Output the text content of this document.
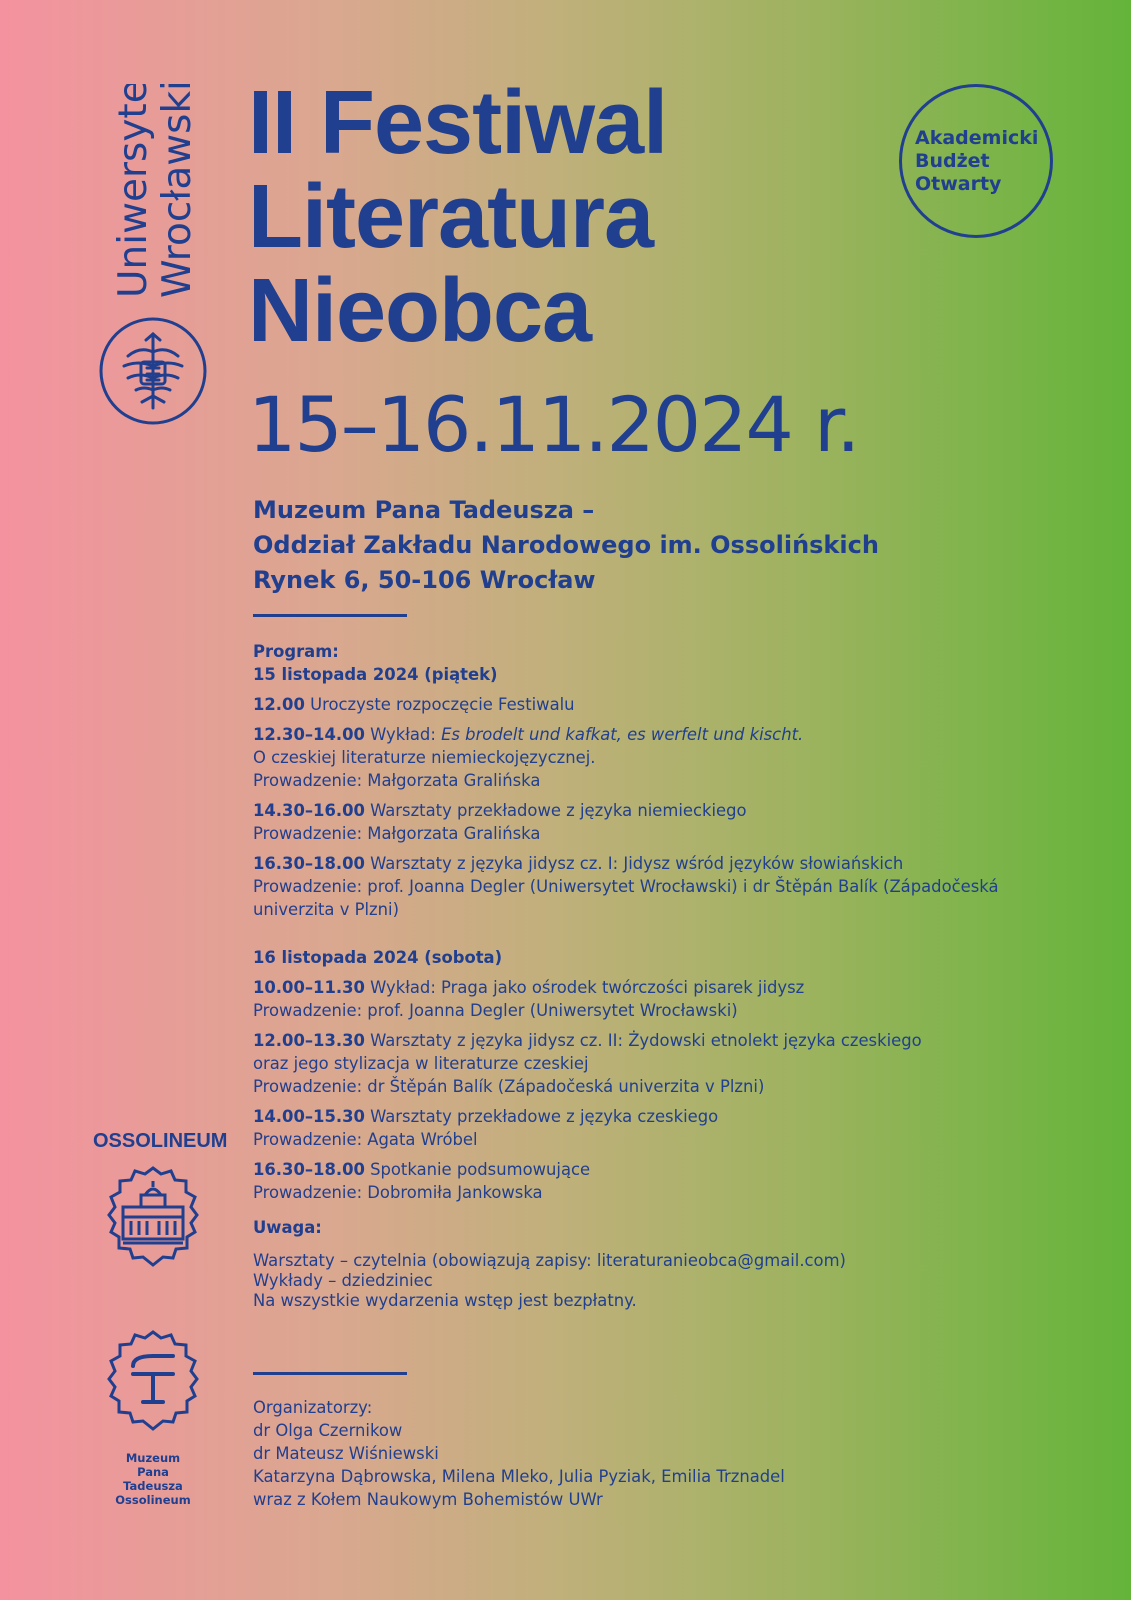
Uniwersytet Wrocławski II Festiwal
Literatura
Nieobca
15–16.11.2024 r.
Akademicki
Budżet
Otwarty
Muzeum Pana Tadeusza –
Oddział Zakładu Narodowego im. Ossolińskich
Rynek 6, 50-106 Wrocław
Program:
15 listopada 2024 (piątek)
12.00 Uroczyste rozpoczęcie Festiwalu
12.30–14.00 Wykład: Es brodelt und kafkat, es werfelt und kischt.
O czeskiej literaturze niemieckojęzycznej.
Prowadzenie: Małgorzata Gralińska
14.30–16.00 Warsztaty przekładowe z języka niemieckiego
Prowadzenie: Małgorzata Gralińska
16.30–18.00 Warsztaty z języka jidysz cz. I: Jidysz wśród języków słowiańskich
Prowadzenie: prof. Joanna Degler (Uniwersytet Wrocławski) i dr Štěpán Balík (Západočeská
univerzita v Plzni)
16 listopada 2024 (sobota)
10.00–11.30 Wykład: Praga jako ośrodek twórczości pisarek jidysz
Prowadzenie: prof. Joanna Degler (Uniwersytet Wrocławski)
12.00–13.30 Warsztaty z języka jidysz cz. II: Żydowski etnolekt języka czeskiego
oraz jego stylizacja w literaturze czeskiej
Prowadzenie: dr Štěpán Balík (Západočeská univerzita v Plzni)
14.00–15.30 Warsztaty przekładowe z języka czeskiego
Prowadzenie: Agata Wróbel
16.30–18.00 Spotkanie podsumowujące
Prowadzenie: Dobromiła Jankowska
Uwaga:
Warsztaty – czytelnia (obowiązują zapisy: literaturanieobca@gmail.com)
Wykłady – dziedziniec
Na wszystkie wydarzenia wstęp jest bezpłatny.
Organizatorzy:
dr Olga Czernikow
dr Mateusz Wiśniewski
Katarzyna Dąbrowska, Milena Mleko, Julia Pyziak, Emilia Trznadel
wraz z Kołem Naukowym Bohemistów UWr
OSSOLINEUM
Muzeum
Pana
Tadeusza
Ossolineum
